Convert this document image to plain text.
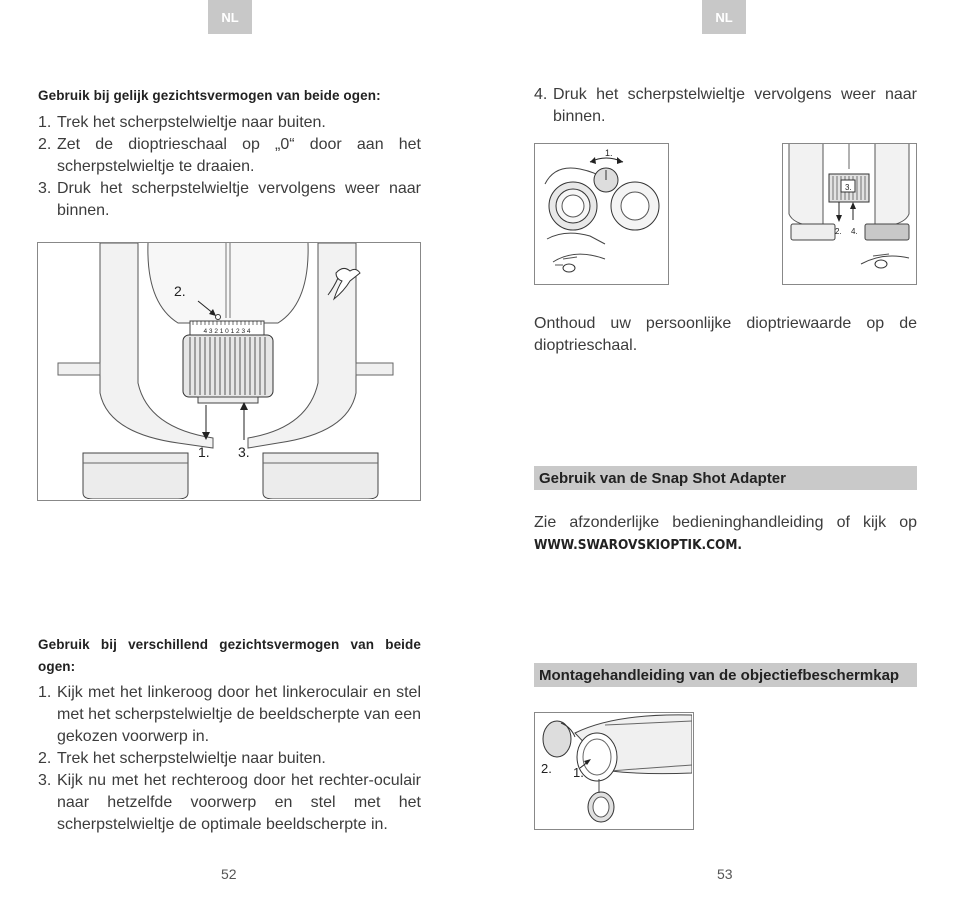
NL
Gebruik bij gelijk gezichtsvermogen van beide ogen:
1. Trek het scherpstelwieltje naar buiten.
2. Zet de dioptrieschaal op „0“ door aan het scherpstelwieltje te draaien.
3. Druk het scherpstelwieltje vervolgens weer naar binnen.
4 3 2 1 0 1 2 3 4
2.
1. 3.
Gebruik bij verschillend gezichtsvermogen van beide
ogen:
1. Kijk met het linkeroog door het linkeroculair en stel met het scherpstelwieltje de beeldscherpte van een gekozen voorwerp in.
2. Trek het scherpstelwieltje naar buiten.
3. Kijk nu met het rechteroog door het rechter-oculair naar hetzelfde voorwerp en stel met het scherpstelwieltje de optimale beeldscherpte in.
52
NL
4. Druk het scherpstelwieltje vervolgens weer naar binnen.
1.
3.
2. 4.
Onthoud uw persoonlijke dioptriewaarde op de dioptrieschaal.
Gebruik van de Snap Shot Adapter
Zie afzonderlijke bedieninghandleiding of kijk op
WWW.SWAROVSKIOPTIK.COM.
Montagehandleiding van de objectiefbeschermkap
2. 1.
53
